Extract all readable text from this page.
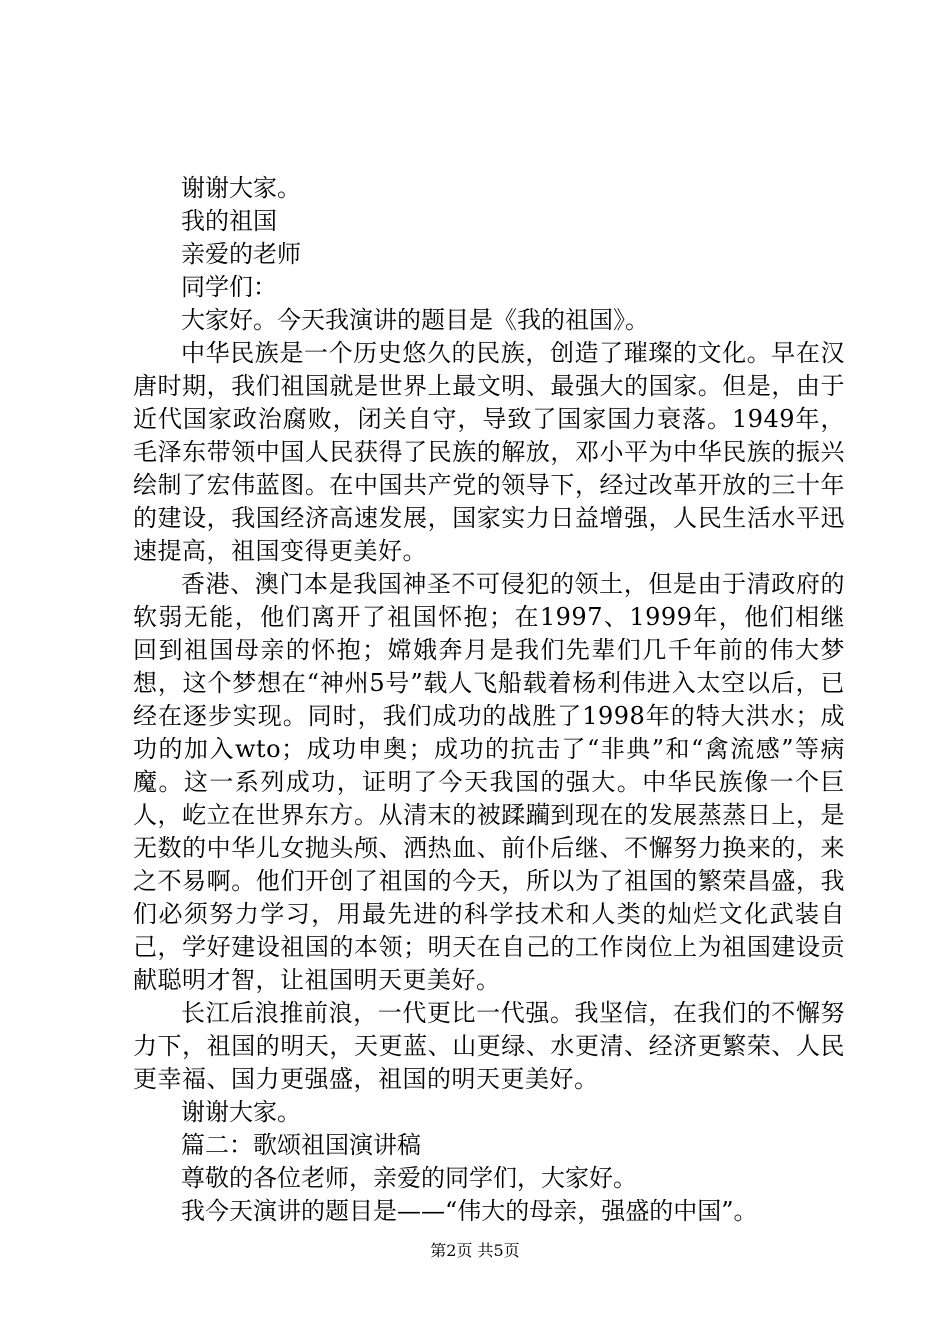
谢谢大家。
我的祖国
亲爱的老师
同学们：
大家好。今天我演讲的题目是《我的祖国》。

中华民族是一个历史悠久的民族，创造了璀璨的文化。早在汉唐时期，我们祖国就是世界上最文明、最强大的国家。但是，由于近代国家政治腐败，闭关自守，导致了国家国力衰落。1949年，毛泽东带领中国人民获得了民族的解放，邓小平为中华民族的振兴绘制了宏伟蓝图。在中国共产党的领导下，经过改革开放的三十年的建设，我国经济高速发展，国家实力日益增强，人民生活水平迅速提高，祖国变得更美好。

香港、澳门本是我国神圣不可侵犯的领土，但是由于清政府的软弱无能，他们离开了祖国怀抱；在1997、1999年，他们相继回到祖国母亲的怀抱；嫦娥奔月是我们先辈们几千年前的伟大梦想，这个梦想在“神州5号”载人飞船载着杨利伟进入太空以后，已经在逐步实现。同时，我们成功的战胜了1998年的特大洪水；成功的加入wto；成功申奥；成功的抗击了“非典”和“禽流感”等病魔。这一系列成功，证明了今天我国的强大。中华民族像一个巨人，屹立在世界东方。从清末的被蹂躏到现在的发展蒸蒸日上，是无数的中华儿女抛头颅、洒热血、前仆后继、不懈努力换来的，来之不易啊。他们开创了祖国的今天，所以为了祖国的繁荣昌盛，我们必须努力学习，用最先进的科学技术和人类的灿烂文化武装自己，学好建设祖国的本领；明天在自己的工作岗位上为祖国建设贡献聪明才智，让祖国明天更美好。

长江后浪推前浪，一代更比一代强。我坚信，在我们的不懈努力下，祖国的明天，天更蓝、山更绿、水更清、经济更繁荣、人民更幸福、国力更强盛，祖国的明天更美好。

谢谢大家。
篇二：歌颂祖国演讲稿
尊敬的各位老师，亲爱的同学们，大家好。
我今天演讲的题目是——“伟大的母亲，强盛的中国”。
第2页 共5页
